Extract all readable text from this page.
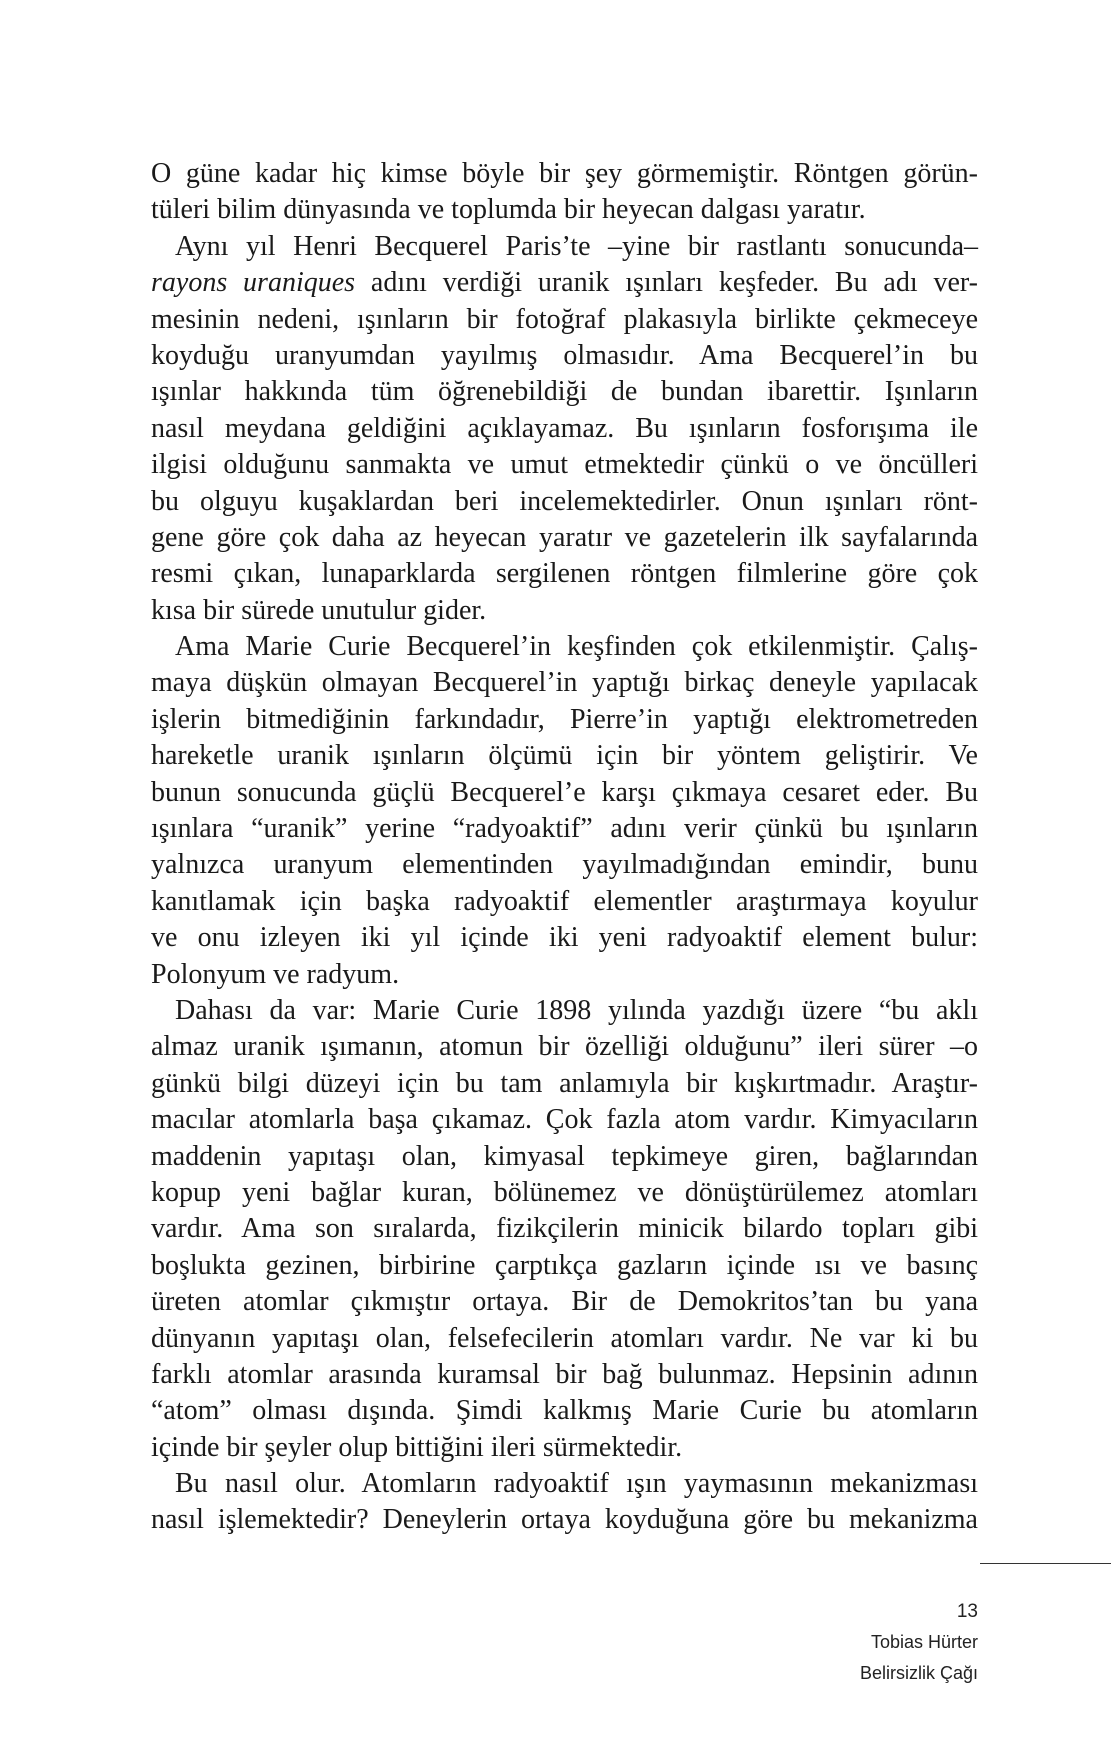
O güne kadar hiç kimse böyle bir şey görmemiştir. Röntgen görün-
tüleri bilim dünyasında ve toplumda bir heyecan dalgası yaratır.
Aynı yıl Henri Becquerel Paris’te –yine bir rastlantı sonucunda–
rayons uraniques adını verdiği uranik ışınları keşfeder. Bu adı ver-
mesinin nedeni, ışınların bir fotoğraf plakasıyla birlikte çekmeceye
koyduğu uranyumdan yayılmış olmasıdır. Ama Becquerel’in bu
ışınlar hakkında tüm öğrenebildiği de bundan ibarettir. Işınların
nasıl meydana geldiğini açıklayamaz. Bu ışınların fosforışıma ile
ilgisi olduğunu sanmakta ve umut etmektedir çünkü o ve öncülleri
bu olguyu kuşaklardan beri incelemektedirler. Onun ışınları rönt-
gene göre çok daha az heyecan yaratır ve gazetelerin ilk sayfalarında
resmi çıkan, lunaparklarda sergilenen röntgen filmlerine göre çok
kısa bir sürede unutulur gider.
Ama Marie Curie Becquerel’in keşfinden çok etkilenmiştir. Çalış-
maya düşkün olmayan Becquerel’in yaptığı birkaç deneyle yapılacak
işlerin bitmediğinin farkındadır, Pierre’in yaptığı elektrometreden
hareketle uranik ışınların ölçümü için bir yöntem geliştirir. Ve
bunun sonucunda güçlü Becquerel’e karşı çıkmaya cesaret eder. Bu
ışınlara “uranik” yerine “radyoaktif” adını verir çünkü bu ışınların
yalnızca uranyum elementinden yayılmadığından emindir, bunu
kanıtlamak için başka radyoaktif elementler araştırmaya koyulur
ve onu izleyen iki yıl içinde iki yeni radyoaktif element bulur:
Polonyum ve radyum.
Dahası da var: Marie Curie 1898 yılında yazdığı üzere “bu aklı
almaz uranik ışımanın, atomun bir özelliği olduğunu” ileri sürer –o
günkü bilgi düzeyi için bu tam anlamıyla bir kışkırtmadır. Araştır-
macılar atomlarla başa çıkamaz. Çok fazla atom vardır. Kimyacıların
maddenin yapıtaşı olan, kimyasal tepkimeye giren, bağlarından
kopup yeni bağlar kuran, bölünemez ve dönüştürülemez atomları
vardır. Ama son sıralarda, fizikçilerin minicik bilardo topları gibi
boşlukta gezinen, birbirine çarptıkça gazların içinde ısı ve basınç
üreten atomlar çıkmıştır ortaya. Bir de Demokritos’tan bu yana
dünyanın yapıtaşı olan, felsefecilerin atomları vardır. Ne var ki bu
farklı atomlar arasında kuramsal bir bağ bulunmaz. Hepsinin adının
“atom” olması dışında. Şimdi kalkmış Marie Curie bu atomların
içinde bir şeyler olup bittiğini ileri sürmektedir.
Bu nasıl olur. Atomların radyoaktif ışın yaymasının mekanizması
nasıl işlemektedir? Deneylerin ortaya koyduğuna göre bu mekanizma
13
Tobias Hürter
Belirsizlik Çağı
